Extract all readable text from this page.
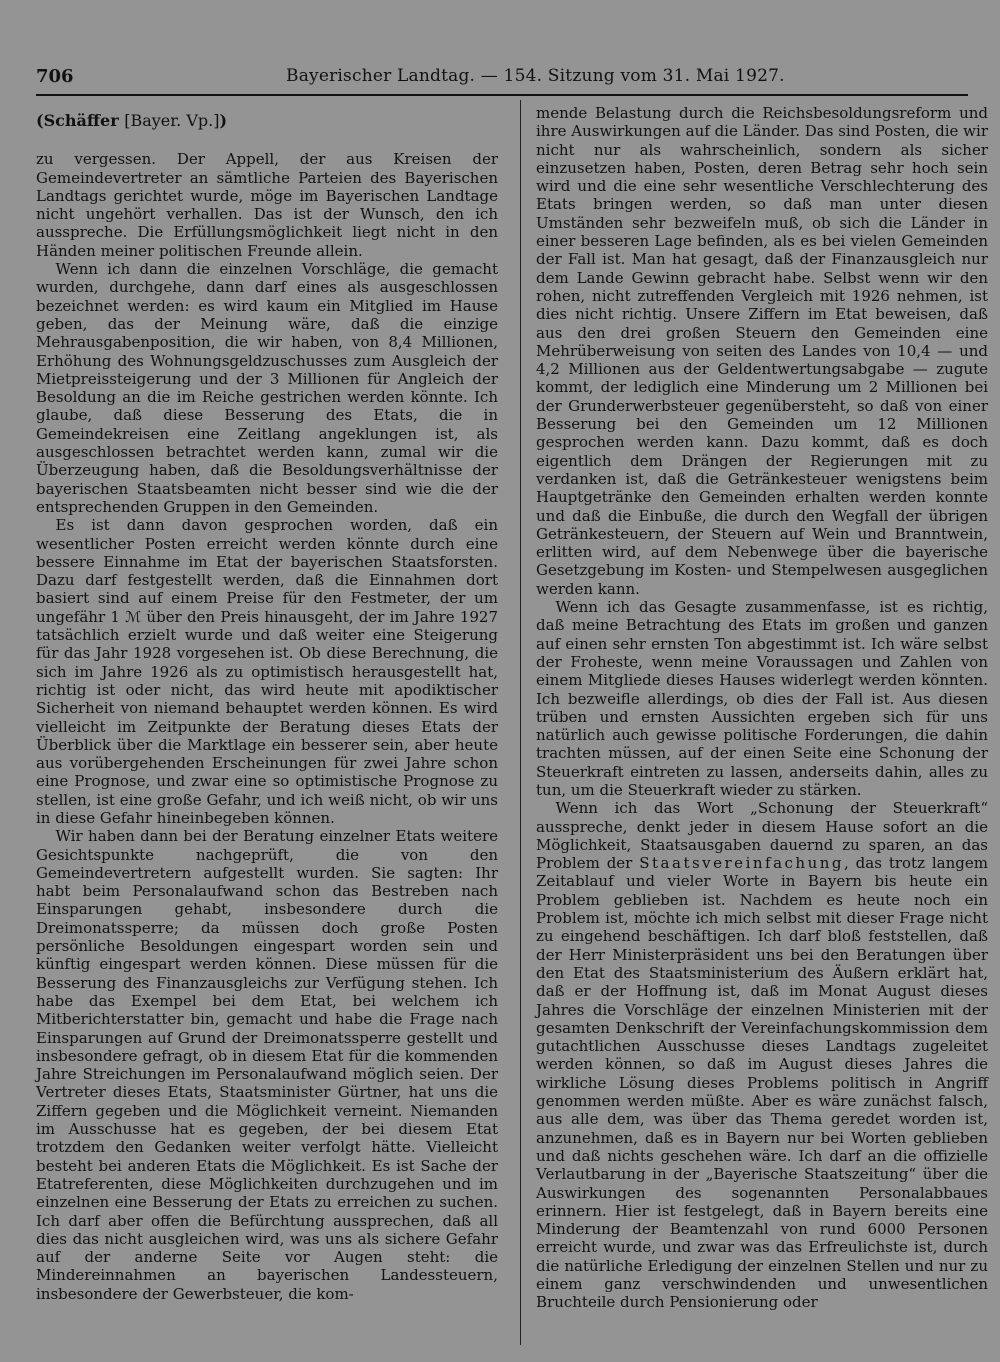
706	Bayerischer Landtag. — 154. Sitzung vom 31. Mai 1927.
(Schäffer [Bayer. Vp.])

zu vergessen. Der Appell, der aus Kreisen der Gemeindevertreter an sämtliche Parteien des Bayerischen Landtags gerichtet wurde, möge im Bayerischen Landtage nicht ungehört verhallen. Das ist der Wunsch, den ich ausspreche. Die Erfüllungsmöglichkeit liegt nicht in den Händen meiner politischen Freunde allein.

Wenn ich dann die einzelnen Vorschläge, die gemacht wurden, durchgehe, dann darf eines als ausgeschlossen bezeichnet werden: es wird kaum ein Mitglied im Hause geben, das der Meinung wäre, daß die einzige Mehrausgabenposition, die wir haben, von 8,4 Millionen, Erhöhung des Wohnungsgeldzuschusses zum Ausgleich der Mietpreissteigerung und der 3 Millionen für Angleich der Besoldung an die im Reiche gestrichen werden könnte. Ich glaube, daß diese Besserung des Etats, die in Gemeindekreisen eine Zeitlang angeklungen ist, als ausgeschlossen betrachtet werden kann, zumal wir die Überzeugung haben, daß die Besoldungsverhältnisse der bayerischen Staatsbeamten nicht besser sind wie die der entsprechenden Gruppen in den Gemeinden.

Es ist dann davon gesprochen worden, daß ein wesentlicher Posten erreicht werden könnte durch eine bessere Einnahme im Etat der bayerischen Staatsforsten. Dazu darf festgestellt werden, daß die Einnahmen dort basiert sind auf einem Preise für den Festmeter, der um ungefähr 1 ℳ über den Preis hinausgeht, der im Jahre 1927 tatsächlich erzielt wurde und daß weiter eine Steigerung für das Jahr 1928 vorgesehen ist. Ob diese Berechnung, die sich im Jahre 1926 als zu optimistisch herausgestellt hat, richtig ist oder nicht, das wird heute mit apodiktischer Sicherheit von niemand behauptet werden können. Es wird vielleicht im Zeitpunkte der Beratung dieses Etats der Überblick über die Marktlage ein besserer sein, aber heute aus vorübergehenden Erscheinungen für zwei Jahre schon eine Prognose, und zwar eine so optimistische Prognose zu stellen, ist eine große Gefahr, und ich weiß nicht, ob wir uns in diese Gefahr hineinbegeben können.

Wir haben dann bei der Beratung einzelner Etats weitere Gesichtspunkte nachgeprüft, die von den Gemeindevertretern aufgestellt wurden. Sie sagten: Ihr habt beim Personalaufwand schon das Bestreben nach Einsparungen gehabt, insbesondere durch die Dreimonatssperre; da müssen doch große Posten persönliche Besoldungen eingespart worden sein und künftig eingespart werden können. Diese müssen für die Besserung des Finanzausgleichs zur Verfügung stehen. Ich habe das Exempel bei dem Etat, bei welchem ich Mitberichterstatter bin, gemacht und habe die Frage nach Einsparungen auf Grund der Dreimonatssperre gestellt und insbesondere gefragt, ob in diesem Etat für die kommenden Jahre Streichungen im Personalaufwand möglich seien. Der Vertreter dieses Etats, Staatsminister Gürtner, hat uns die Ziffern gegeben und die Möglichkeit verneint. Niemanden im Ausschusse hat es gegeben, der bei diesem Etat trotzdem den Gedanken weiter verfolgt hätte. Vielleicht besteht bei anderen Etats die Möglichkeit. Es ist Sache der Etatreferenten, diese Möglichkeiten durchzugehen und im einzelnen eine Besserung der Etats zu erreichen zu suchen. Ich darf aber offen die Befürchtung aussprechen, daß all dies das nicht ausgleichen wird, was uns als sichere Gefahr auf der anderne Seite vor Augen steht: die Mindereinnahmen an bayerischen Landessteuern, insbesondere der Gewerbsteuer, die kom-

mende Belastung durch die Reichsbesoldungsreform und ihre Auswirkungen auf die Länder. Das sind Posten, die wir nicht nur als wahrscheinlich, sondern als sicher einzusetzen haben, Posten, deren Betrag sehr hoch sein wird und die eine sehr wesentliche Verschlechterung des Etats bringen werden, so daß man unter diesen Umständen sehr bezweifeln muß, ob sich die Länder in einer besseren Lage befinden, als es bei vielen Gemeinden der Fall ist. Man hat gesagt, daß der Finanzausgleich nur dem Lande Gewinn gebracht habe. Selbst wenn wir den rohen, nicht zutreffenden Vergleich mit 1926 nehmen, ist dies nicht richtig. Unsere Ziffern im Etat beweisen, daß aus den drei großen Steuern den Gemeinden eine Mehrüberweisung von seiten des Landes von 10,4 — und 4,2 Millionen aus der Geldentwertungsabgabe — zugute kommt, der lediglich eine Minderung um 2 Millionen bei der Grunderwerbsteuer gegenübersteht, so daß von einer Besserung bei den Gemeinden um 12 Millionen gesprochen werden kann. Dazu kommt, daß es doch eigentlich dem Drängen der Regierungen mit zu verdanken ist, daß die Getränkesteuer wenigstens beim Hauptgetränke den Gemeinden erhalten werden konnte und daß die Einbuße, die durch den Wegfall der übrigen Getränkesteuern, der Steuern auf Wein und Branntwein, erlitten wird, auf dem Nebenwege über die bayerische Gesetzgebung im Kosten- und Stempelwesen ausgeglichen werden kann.

Wenn ich das Gesagte zusammenfasse, ist es richtig, daß meine Betrachtung des Etats im großen und ganzen auf einen sehr ernsten Ton abgestimmt ist. Ich wäre selbst der Froheste, wenn meine Voraussagen und Zahlen von einem Mitgliede dieses Hauses widerlegt werden könnten. Ich bezweifle allerdings, ob dies der Fall ist. Aus diesen trüben und ernsten Aussichten ergeben sich für uns natürlich auch gewisse politische Forderungen, die dahin trachten müssen, auf der einen Seite eine Schonung der Steuerkraft eintreten zu lassen, anderseits dahin, alles zu tun, um die Steuerkraft wieder zu stärken.

Wenn ich das Wort „Schonung der Steuerkraft“ ausspreche, denkt jeder in diesem Hause sofort an die Möglichkeit, Staatsausgaben dauernd zu sparen, an das Problem der Staatsvereinfachung, das trotz langem Zeitablauf und vieler Worte in Bayern bis heute ein Problem geblieben ist. Nachdem es heute noch ein Problem ist, möchte ich mich selbst mit dieser Frage nicht zu eingehend beschäftigen. Ich darf bloß feststellen, daß der Herr Ministerpräsident uns bei den Beratungen über den Etat des Staatsministerium des Äußern erklärt hat, daß er der Hoffnung ist, daß im Monat August dieses Jahres die Vorschläge der einzelnen Ministerien mit der gesamten Denkschrift der Vereinfachungskommission dem gutachtlichen Ausschusse dieses Landtags zugeleitet werden können, so daß im August dieses Jahres die wirkliche Lösung dieses Problems politisch in Angriff genommen werden müßte. Aber es wäre zunächst falsch, aus alle dem, was über das Thema geredet worden ist, anzunehmen, daß es in Bayern nur bei Worten geblieben und daß nichts geschehen wäre. Ich darf an die offizielle Verlautbarung in der „Bayerische Staatszeitung“ über die Auswirkungen des sogenannten Personalabbaues erinnern. Hier ist festgelegt, daß in Bayern bereits eine Minderung der Beamtenzahl von rund 6000 Personen erreicht wurde, und zwar was das Erfreulichste ist, durch die natürliche Erledigung der einzelnen Stellen und nur zu einem ganz verschwindenden und unwesentlichen Bruchteile durch Pensionierung oder
